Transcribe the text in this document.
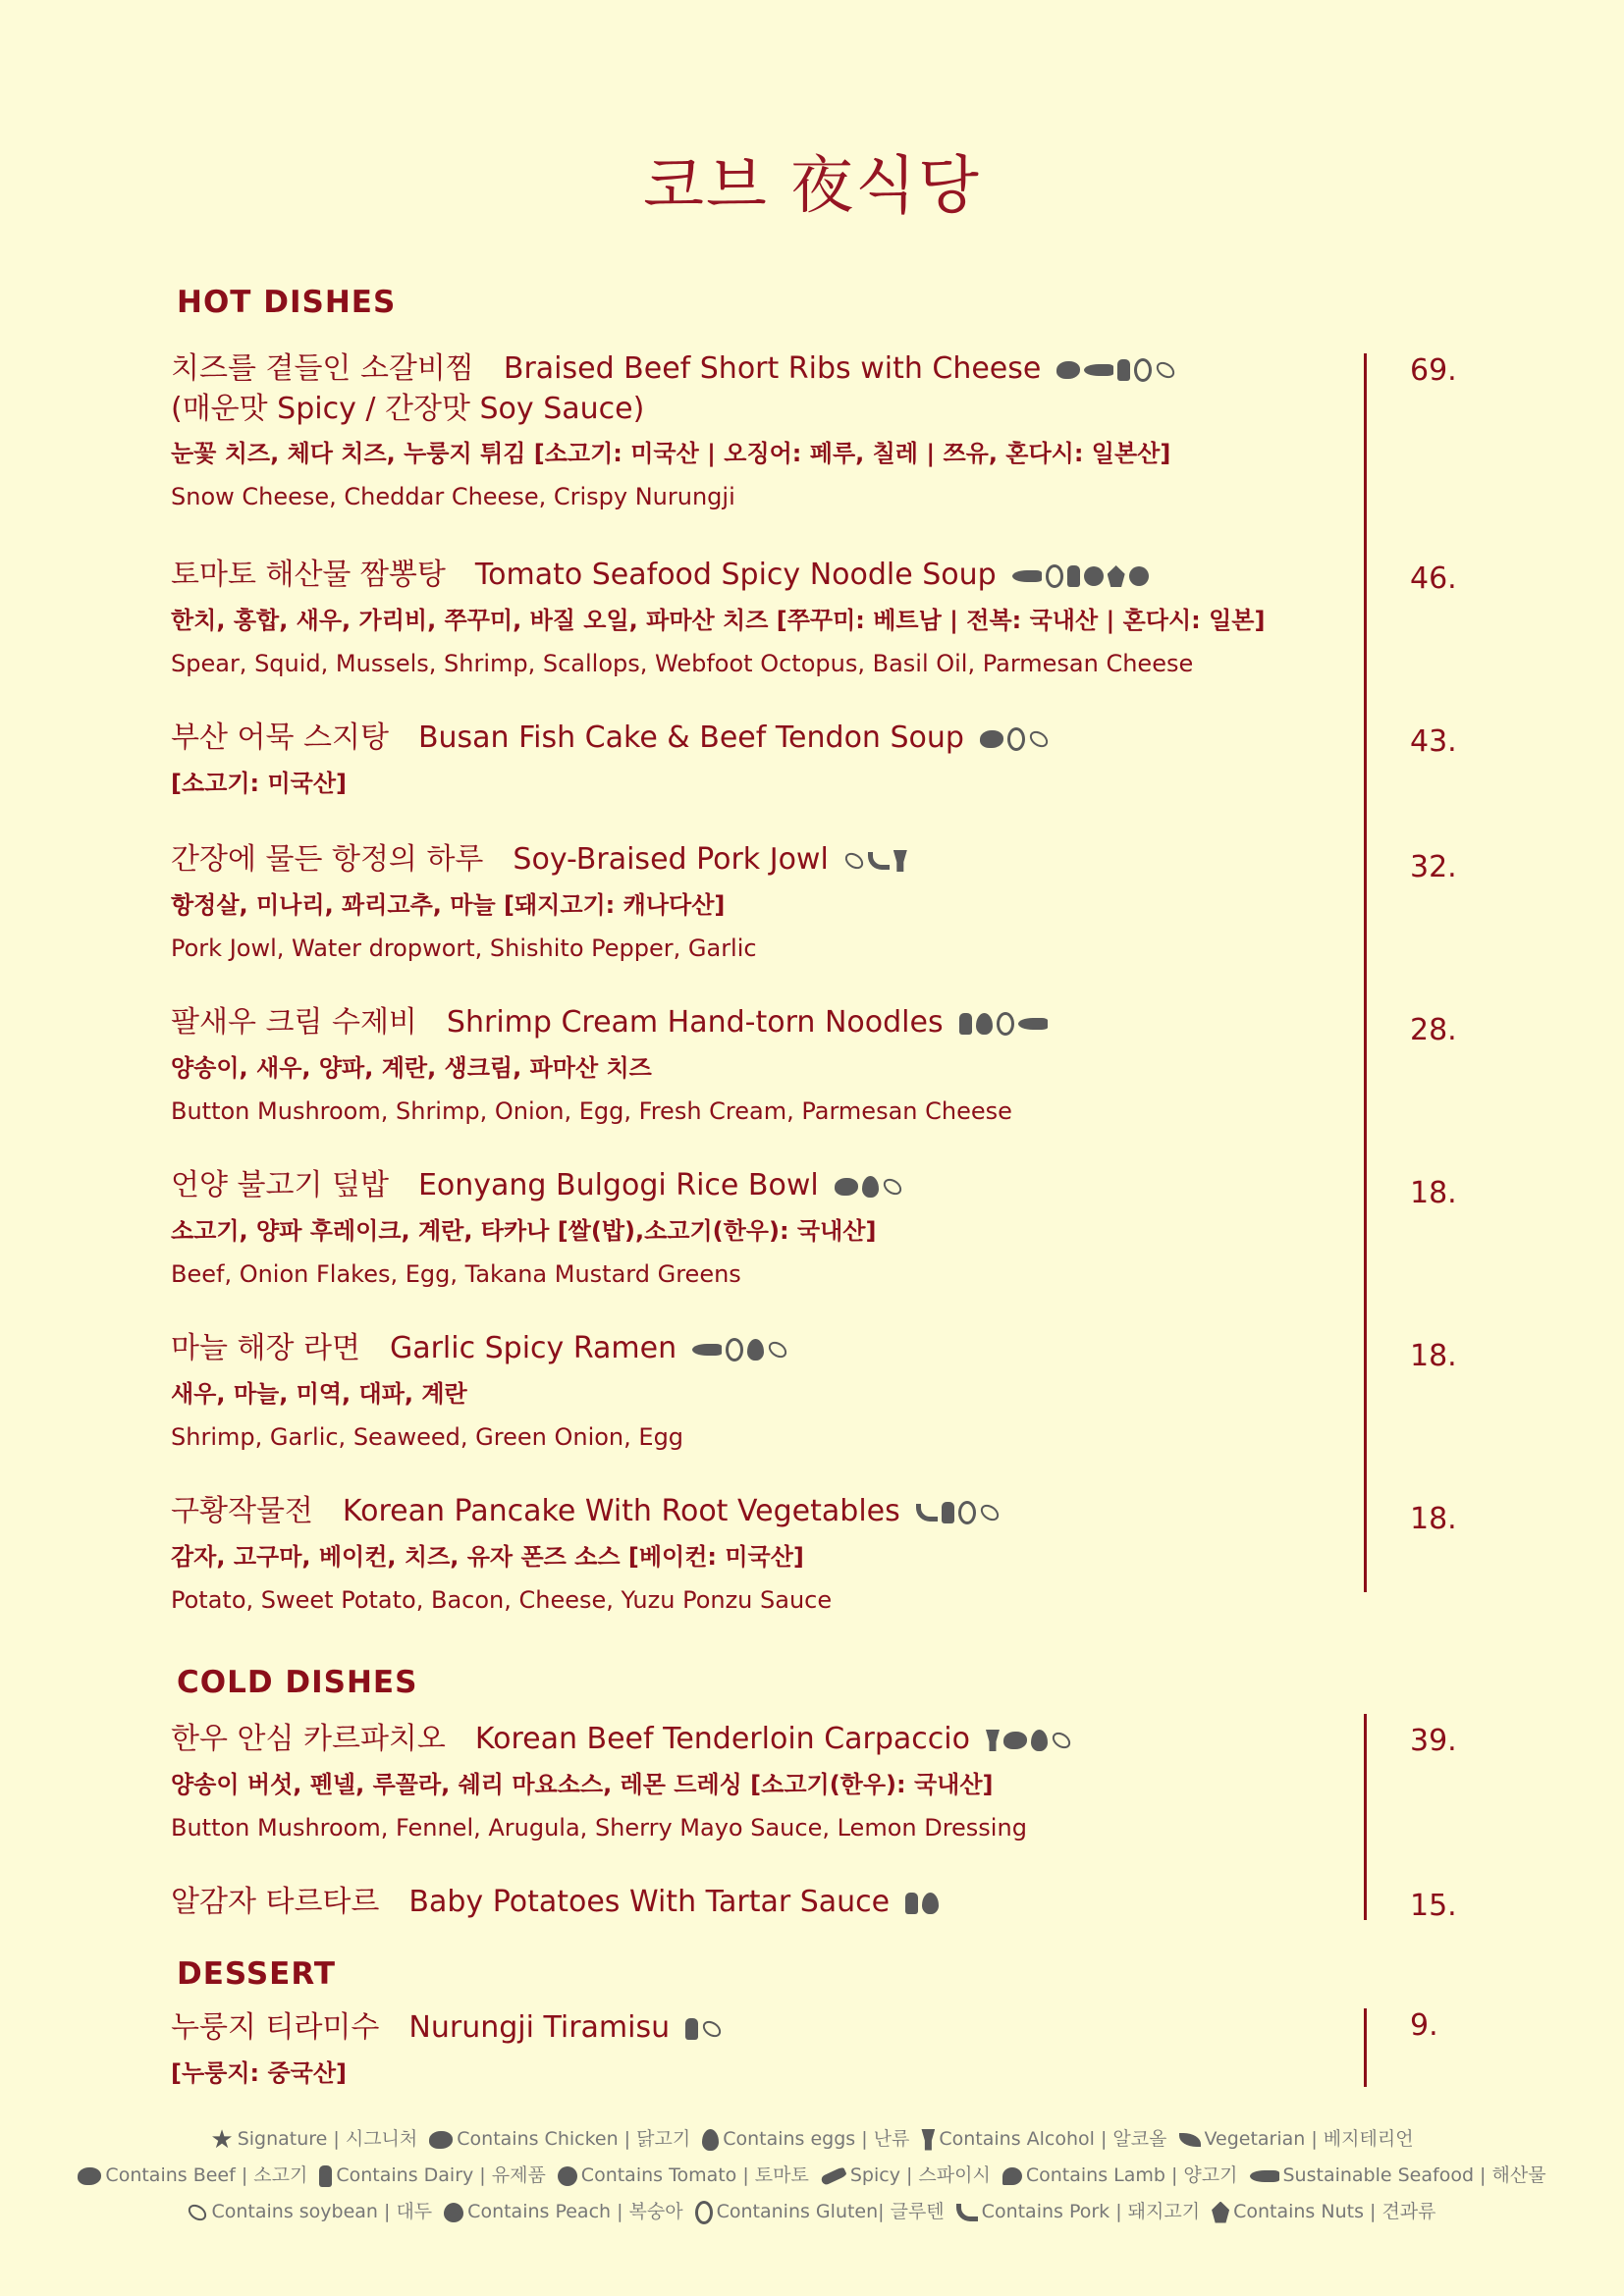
코브 夜식당
HOT DISHES
COLD DISHES
DESSERT
치즈를 곁들인 소갈비찜 Braised Beef Short Ribs with Cheese
(매운맛 Spicy / 간장맛 Soy Sauce)
눈꽃 치즈, 체다 치즈, 누룽지 튀김 [소고기: 미국산 | 오징어: 페루, 칠레 | 쯔유, 혼다시: 일본산]
Snow Cheese, Cheddar Cheese, Crispy Nurungji
69.
토마토 해산물 짬뽕탕 Tomato Seafood Spicy Noodle Soup
한치, 홍합, 새우, 가리비, 쭈꾸미, 바질 오일, 파마산 치즈 [쭈꾸미: 베트남 | 전복: 국내산 | 혼다시: 일본]
Spear, Squid, Mussels, Shrimp, Scallops, Webfoot Octopus, Basil Oil, Parmesan Cheese
46.
부산 어묵 스지탕 Busan Fish Cake & Beef Tendon Soup
[소고기: 미국산]
43.
간장에 물든 항정의 하루 Soy-Braised Pork Jowl
항정살, 미나리, 꽈리고추, 마늘 [돼지고기: 캐나다산]
Pork Jowl, Water dropwort, Shishito Pepper, Garlic
32.
팔새우 크림 수제비 Shrimp Cream Hand-torn Noodles
양송이, 새우, 양파, 계란, 생크림, 파마산 치즈
Button Mushroom, Shrimp, Onion, Egg, Fresh Cream, Parmesan Cheese
28.
언양 불고기 덮밥 Eonyang Bulgogi Rice Bowl
소고기, 양파 후레이크, 계란, 타카나 [쌀(밥),소고기(한우): 국내산]
Beef, Onion Flakes, Egg, Takana Mustard Greens
18.
마늘 해장 라면 Garlic Spicy Ramen
새우, 마늘, 미역, 대파, 계란
Shrimp, Garlic, Seaweed, Green Onion, Egg
18.
구황작물전 Korean Pancake With Root Vegetables
감자, 고구마, 베이컨, 치즈, 유자 폰즈 소스 [베이컨: 미국산]
Potato, Sweet Potato, Bacon, Cheese, Yuzu Ponzu Sauce
18.
한우 안심 카르파치오 Korean Beef Tenderloin Carpaccio
양송이 버섯, 펜넬, 루꼴라, 쉐리 마요소스, 레몬 드레싱 [소고기(한우): 국내산]
Button Mushroom, Fennel, Arugula, Sherry Mayo Sauce, Lemon Dressing
39.
알감자 타르타르 Baby Potatoes With Tartar Sauce	15.
누룽지 티라미수 Nurungji Tiramisu
[누룽지: 중국산]
9.
★ Signature | 시그니처 Contains Chicken | 닭고기 Contains eggs | 난류 Contains Alcohol | 알코올 Vegetarian | 베지테리언
Contains Beef | 소고기 Contains Dairy | 유제품 Contains Tomato | 토마토 Spicy | 스파이시 Contains Lamb | 양고기 Sustainable Seafood | 해산물
Contains soybean | 대두 Contains Peach | 복숭아 Contanins Gluten| 글루텐 Contains Pork | 돼지고기 Contains Nuts | 견과류
